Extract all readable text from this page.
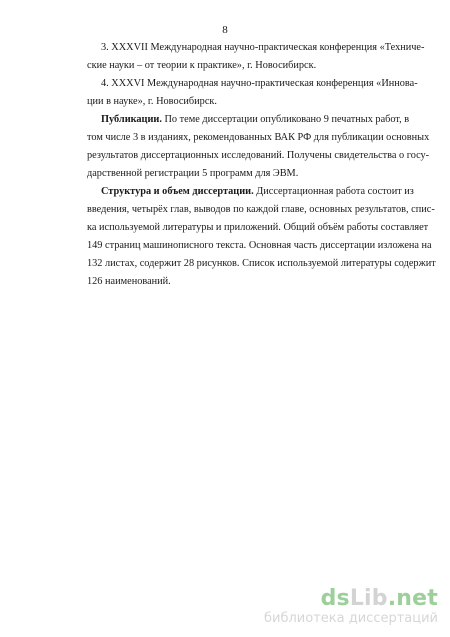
8
3. XXXVII Международная научно-практическая конференция «Техниче-
ские науки – от теории к практике», г. Новосибирск.
4. XXXVI Международная научно-практическая конференция «Иннова-
ции в науке», г. Новосибирск.
Публикации. По теме диссертации опубликовано 9 печатных работ, в
том числе 3 в изданиях, рекомендованных ВАК РФ для публикации основных
результатов диссертационных исследований. Получены свидетельства о госу-
дарственной регистрации 5 программ для ЭВМ.
Структура и объем диссертации. Диссертационная работа состоит из
введения, четырёх глав, выводов по каждой главе, основных результатов, спис-
ка используемой литературы и приложений. Общий объём работы составляет
149 страниц машинописного текста. Основная часть диссертации изложена на
132 листах, содержит 28 рисунков. Список используемой литературы содержит
126 наименований.
dsLib.net
библиотека диссертаций
